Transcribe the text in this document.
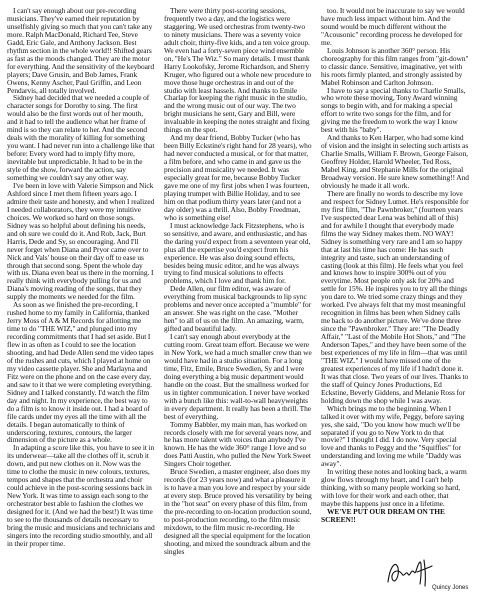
I can't say enough about our pre-recording musicians. They've earned their reputation by unselfishly giving so much that you can't take any more. Ralph MacDonald, Richard Tee, Steve Gadd, Eric Gale, and Anthony Jackson. Best rhythm section in the whole world!! Shifted gears as fast as the moods changed. They are the motor for everything. And the sensitivity of the keyboard players; Dave Grusin, and Bob James, Frank Owens, Kenny Ascher, Paul Griffin, and Leon Pendarvis, all totally involved.

Sidney had decided that we needed a couple of character songs for Dorothy to sing. The first would also be the first words out of her mouth, and it had to tell the audience what her frame of mind is so they can relate to her. And the second deals with the morality of killing for something you want. I had never run into a challenge like that before: Every word had to imply fifty more, inevitable but unpredictable. It had to be in the style of the show, forward the action, say something we couldn't say any other way.

I've been in love with Valerie Simpson and Nick Ashford since I met them fifteen years ago. I admire their taste and honesty, and when I realized I needed collaborators, they were my intuitive choices. We worked so hard on those songs. Sidney was so helpful about defining his needs, and oh sure we could do it. And Rob, Jack, Burt Harris, Dede and Sy, so encouraging. And I'll never forget when Diana and Pryor came over to Nick and Vals' house on their day off to ease us through that second song. Spent the whole day with us. Diana even beat us there in the morning. I really think with everybody pulling for us and Diana's moving reading of the songs, that they supply the moments we needed for the film.

As soon as we finished the pre-recording, I rushed home to my family in California, thanked Jerry Moss of A & M Records for allotting me time to do "THE WIZ," and plunged into my recording commitments that I had set aside. But I flew in as often as I could to see the location shooting, and had Dede Allen send me video tapes of the rushes and cuts, which I played at home on my video cassette player. She and Marlayna and Fitz were on the phone and on the case every day, and saw to it that we were completing everything. Sidney and I talked constantly. I'd watch the film day and night. In my experience, the best way to do a film is to know it inside out. I had a board of file cards under my eyes all the time with all the details. I began automatically to think of underscoring, textures, contours, the larger dimension of the picture as a whole.

In adapting a score like this, you have to see it in its underwear—take all the clothes off it, scrub it down, and put new clothes on it. Now was the time to clothe the music in new colours, textures, tempos and shapes that the orchestra and choir could achieve in the post-scoring sessions back in New York. It was time to assign each song to the orchestrator best able to fashion the clothes we designed for it. (And we had the best!) It was time to see to the thousands of details necessary to bring the music and musicians and technicians and singers into the recording studio smoothly, and all in their proper time.

There were thirty post-scoring sessions, frequently two a day, and the logistics were staggering. We used orchestras from twenty-two to ninety musicians. There was a seventy voice adult choir, thirty-five kids, and a ten voice group. We even had a forty-seven piece wind ensemble on, "He's The Wiz." So many details. I must thank Harry Lookofsky, Jerome Richardson, and Sherry Kruger, who figured out a whole new procedure to move those huge orchestras in and out of the studio with least hassels. And thanks to Emile Charlap for keeping the right music in the studio, and the wrong music out of our way. The two bright musicians he sent, Gary and Bill, were invaluable in keeping the notes straight and fixing things on the spot.

And my dear friend, Bobby Tucker (who has been Billy Eckstine's right hand for 28 years), who had never conducted a musical, or for that matter, a film before, and who came in and gave us the precision and musicality we needed. It was especially great for me, because Bobby Tucker gave me one of my first jobs when I was fourteen, playing trumpet with Billie Holiday, and to see him on that podium thirty years later (and not a day older) was a thrill. Also, Bobby Freedman, who is something else!

I must acknowledge Jack Fitzstephens, who is so sensitive, and aware, and enthusiastic, and has the daring you'd expect from a seventeen year old, plus all the expertise you'd expect from his experience. He was also doing sound effects, besides being music editor, and he was always trying to find musical solutions to effects problems, which I love and thank him for.

Dede Allen, our film editor, was aware of everything from musical backgrounds to lip sync problems and never once accepted a "mumble" for an answer. She was right on the case. "Mother hen" to all of us on the film. An amazing, warm, gifted and beautiful lady.

I can't say enough about everybody at the cutting room. Great team effort. Because we were in New York, we had a much smaller crew than we would have had in a studio situation. For a long time, Fitz, Emile, Bruce Swedien, Sy and I were doing everything a big music department would handle on the coast. But the smallness worked for us in tighter communication. I never have worked with a bunch like this: wall-to-wall heavyweights in every department. It really has been a thrill. The best of everything.

Tommy Babbler, my main man, has worked on records closely with me for several years now, and he has more talent with voices than anybody I've known. He has the wide 360° range I love and so does Patti Austin, who pulled the New York Sweet Singers Choir together.

Bruce Swedien, a master engineer, also does my records (for 23 years now) and what a pleasure it is to have a man you love and respect by your side at every step. Bruce proved his versatility by being in the "hot seat" on every phase of this film, from the pre-recording to on-location production sound, to post-production recording, to the film music mixdown, to the film music re-recording. He designed all the special equipment for the location shooting, and mixed the soundtrack album and the singles

too. It would not be inaccurate to say we would have much less impact without him. And the sound would be much different without the "Acousonic" recording process he developed for me.

Louis Johnson is another 360° person. His choreography for this film ranges from "git-down" to classic dance. Sensitive, imaginative, yet with his roots firmly planted, and strongly assisted by Mabel Robinson and Carlton Johnson.

I have to say a special thanks to Charlie Smalls, who wrote these moving, Tony Award winning songs to begin with, and for making a special effort to write two songs for the film, and for giving me the freedom to work the way I know best with his "baby".

And thanks to Ken Harper, who had some kind of vision and the insight in selecting such artists as Charlie Smalls, William F. Brown, George Faison, Geoffrey Holder, Harold Wheeler, Ted Ross, Mabel King, and Stephanie Mills for the original Broadway version. He sure knew something!! And obviously he made it all work.

There are finally no words to describe my love and respect for Sidney Lumet. He's responsible for my first film, "The Pawnbroker," (fourteen years I've suspected dear Lena was behind all of this) and for awhile I thought that everybody made films the way Sidney makes them. NO WAY! Sidney is something very rare and I am so happy that at last his time has come: He has such integrity and taste, such an understanding of casting (look at this film). He feels what you feel and knows how to inspire 300% out of you everytime. Most people only ask for 20% and settle for 15%. He inspires you to try all the things you dare to. We tried some crazy things and they worked. I've always felt that my most meaningful recognition in films has been when Sidney calls me back to do another picture. We've done three since the "Pawnbroker." They are: "The Deadly Affair," "Last of the Mobile Hot Shots," and "The Anderson Tapes," and they have been some of the best experiences of my life in film—that was until "THE WIZ." I would have missed one of the greatest experiences of my life if I hadn't done it. It was that close. Two years of our lives. Thanks to the staff of Quincy Jones Productions, Ed Eckstine, Beverly Giddens, and Melanie Ross for holding down the shop while I was away.

Which brings me to the beginning. When I talked it over with my wife, Peggy, before saying yes, she said, "Do you know how much we'll be separated if you go to New York to do that movie?" I thought I did. I do now. Very special love and thanks to Peggy and the "Squiffies" for understanding and loving me while "Daddy was away".

In writing these notes and looking back, a warm glow flows through my heart, and I can't help thinking, with so many people working so hard, with love for their work and each other, that maybe this happens just once in a lifetime.

WE'VE PUT OUR DREAM ON THE SCREEN!!

Quincy Jones
